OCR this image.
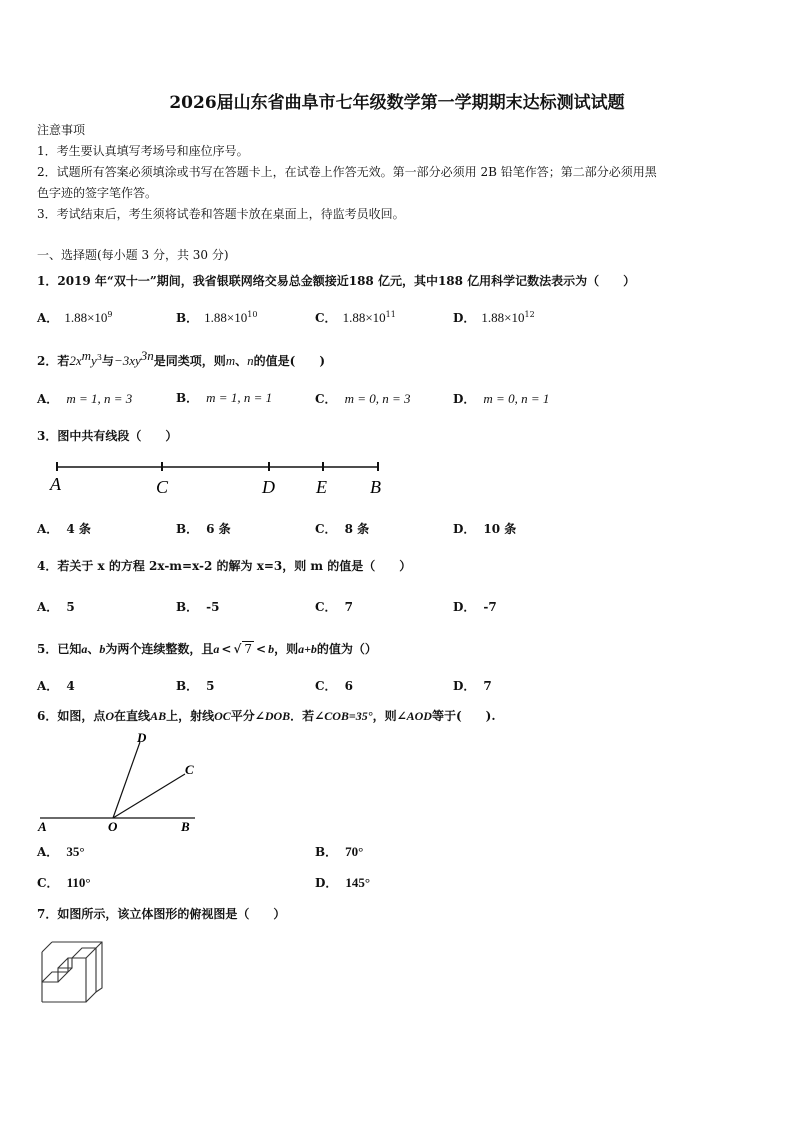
2026届山东省曲阜市七年级数学第一学期期末达标测试试题
注意事项
1．考生要认真填写考场号和座位序号。
2．试题所有答案必须填涂或书写在答题卡上，在试卷上作答无效。第一部分必须用 2B 铅笔作答；第二部分必须用黑
色字迹的签字笔作答。
3．考试结束后，考生须将试卷和答题卡放在桌面上，待监考员收回。
一、选择题(每小题 3 分，共 30 分)
1．2019 年“双十一”期间，我省银联网络交易总金额接近188 亿元，其中188 亿用科学记数法表示为（　　）
A． $1.88\times 10^9$	B． $1.88\times 10^{10}$	C． $1.88\times 10^{11}$	D． $1.88\times 10^{12}$
2．若$2x^my^3$与$-3xy^{3n}$是同类项，则m、n的值是(　　)
A． m = 1, n = 3	B． m = 1, n = 1	C． m = 0, n = 3	D． m = 0, n = 1
3．图中共有线段（　　）
A	C	D E B
A． 4 条	B． 6 条	C． 8 条	D． 10 条
4．若关于 x 的方程 2x-m=x-2 的解为 x=3，则 m 的值是（　　）
A． 5	B． -5	C． 7	D． -7
5．已知a、b为两个连续整数，且a < √ 7 < b，则a+b的值为（）
A． 4	B． 5	C． 6	D． 7
6．如图，点O在直线AB上，射线OC平分∠DOB．若∠COB=35°，则∠AOD等于(　　).
D
C
A	O	B
A． 35°	B． 70°
C． 110°	D． 145°
7．如图所示，该立体图形的俯视图是（　　）
